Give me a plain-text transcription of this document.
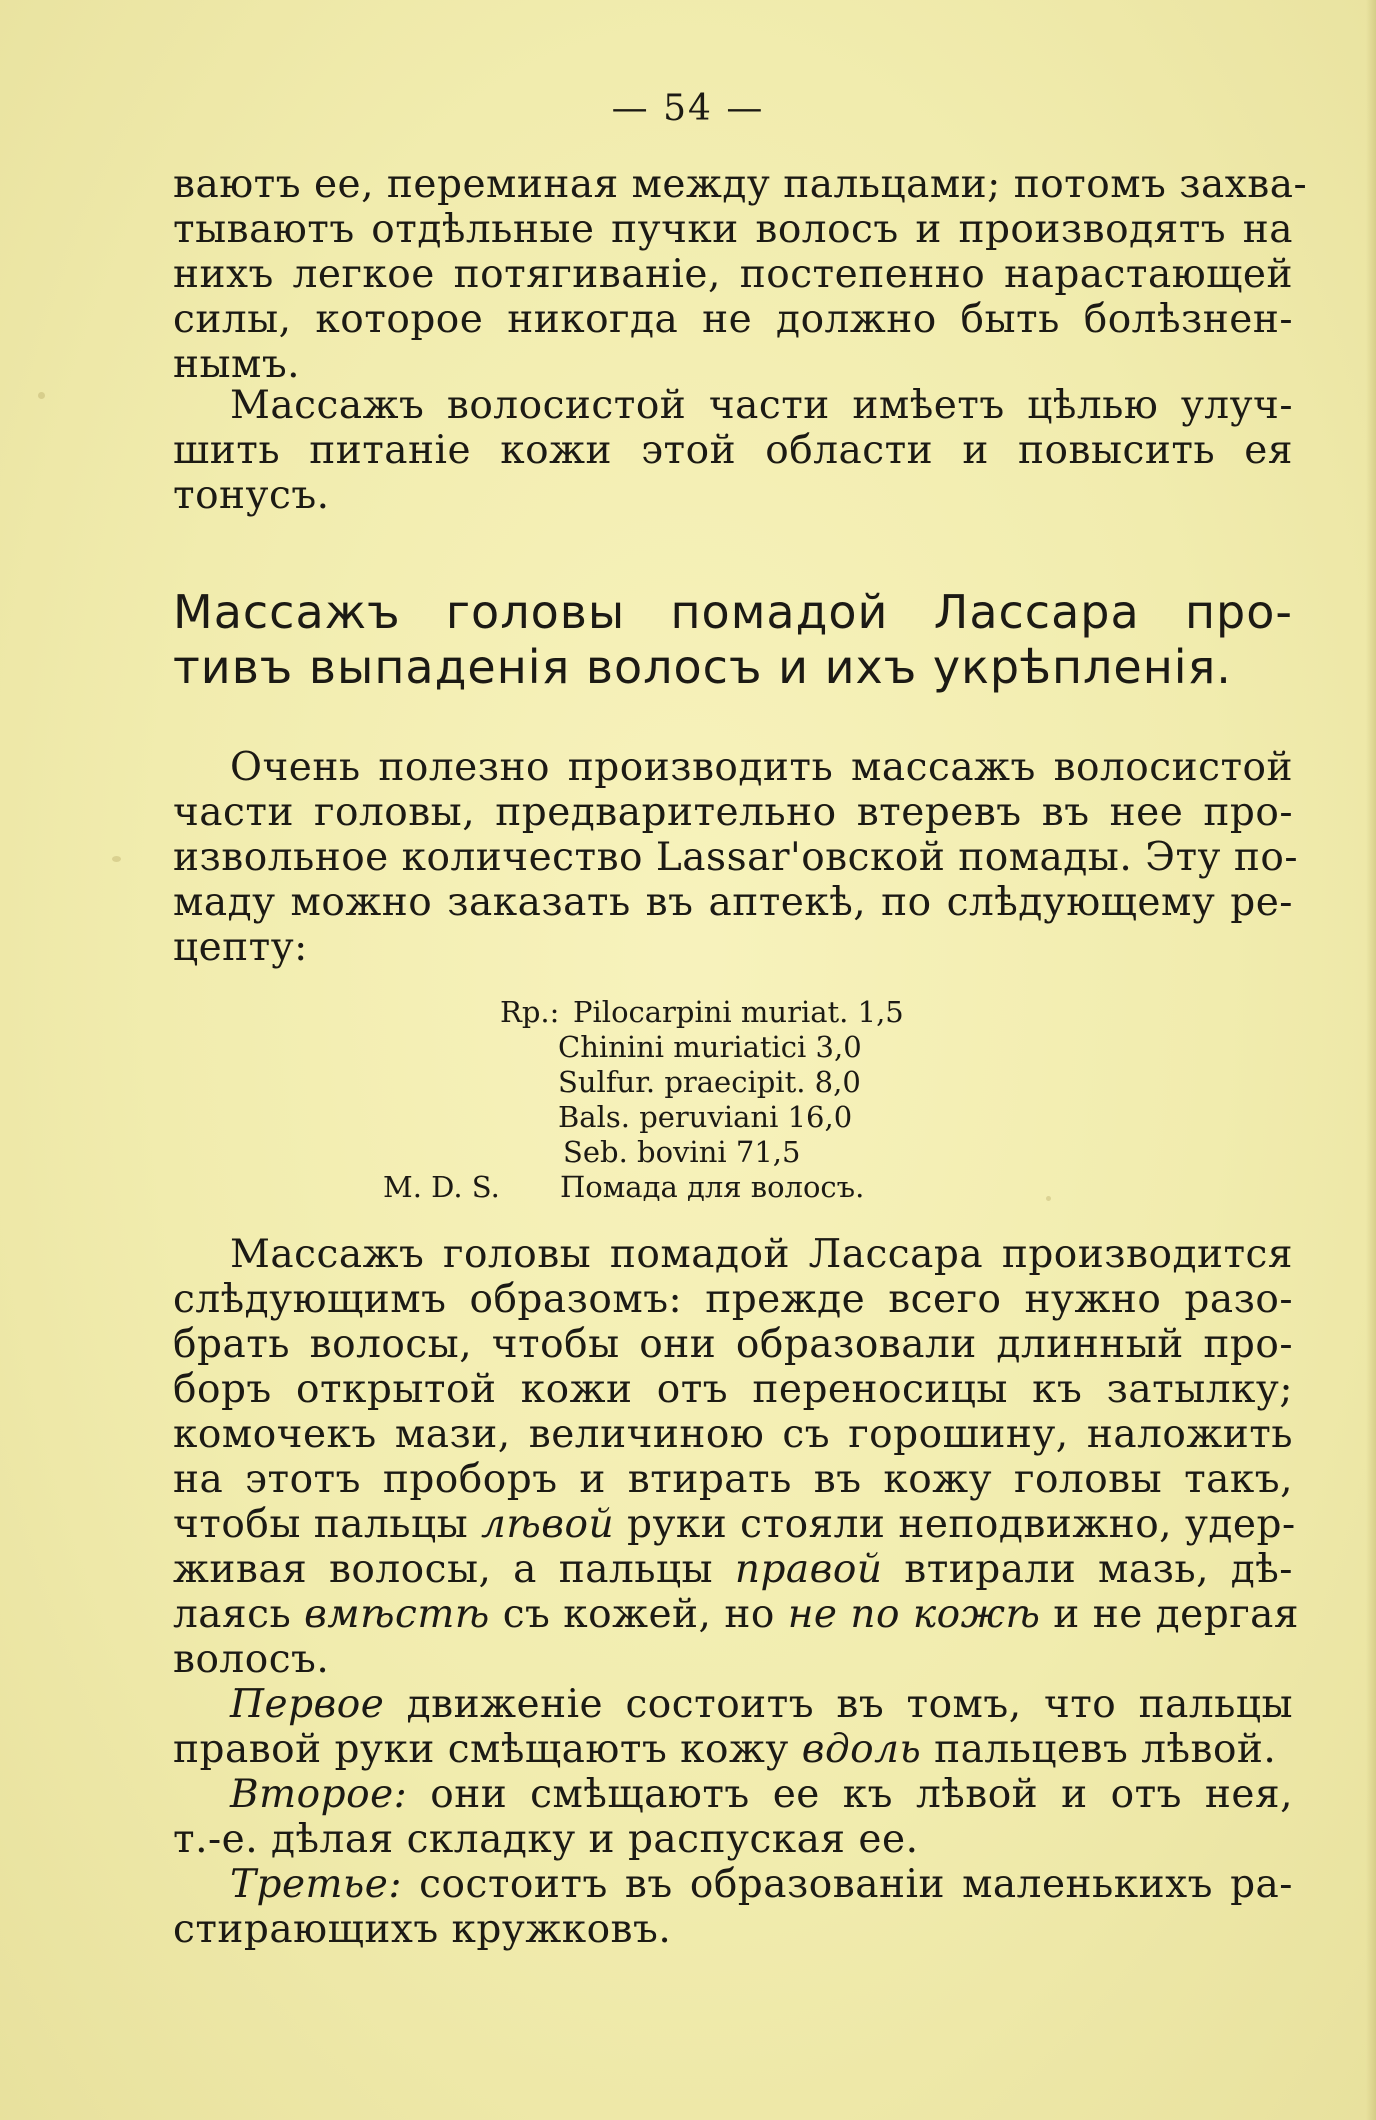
— 54 —
ваютъ ее, переминая между пальцами; потомъ захва-
тываютъ отдѣльные пучки волосъ и производятъ на
нихъ легкое потягиванiе, постепенно нарастающей
силы, которое никогда не должно быть болѣзнен-
нымъ.
Массажъ волосистой части имѣетъ цѣлью улуч-
шить питанiе кожи этой области и повысить ея
тонусъ.
Массажъ головы помадой Лассара про-
тивъ выпаденiя волосъ и ихъ укрѣпленiя.
Очень полезно производить массажъ волосистой
части головы, предварительно втеревъ въ нее про-
извольное количество Lassar'овской помады. Эту по-
маду можно заказать въ аптекѣ, по слѣдующему ре-
цепту:
Rp.: Pilocarpini muriat. 1,5
Chinini muriatici 3,0
Sulfur. praecipit. 8,0
Bals. peruviani 16,0
Seb. bovini 71,5
M. D. S. Помада для волосъ.
Массажъ головы помадой Лассара производится
слѣдующимъ образомъ: прежде всего нужно разо-
брать волосы, чтобы они образовали длинный про-
боръ открытой кожи отъ переносицы къ затылку;
комочекъ мази, величиною съ горошину, наложить
на этотъ проборъ и втирать въ кожу головы такъ,
чтобы пальцы лѣвой руки стояли неподвижно, удер-
живая волосы, а пальцы правой втирали мазь, дѣ-
лаясь вмѣстѣ съ кожей, но не по кожѣ и не дергая
волосъ.
Первое движенiе состоитъ въ томъ, что пальцы
правой руки смѣщаютъ кожу вдоль пальцевъ лѣвой.
Второе: они смѣщаютъ ее къ лѣвой и отъ нея,
т.-е. дѣлая складку и распуская ее.
Третье: состоитъ въ образованiи маленькихъ ра-
стирающихъ кружковъ.
